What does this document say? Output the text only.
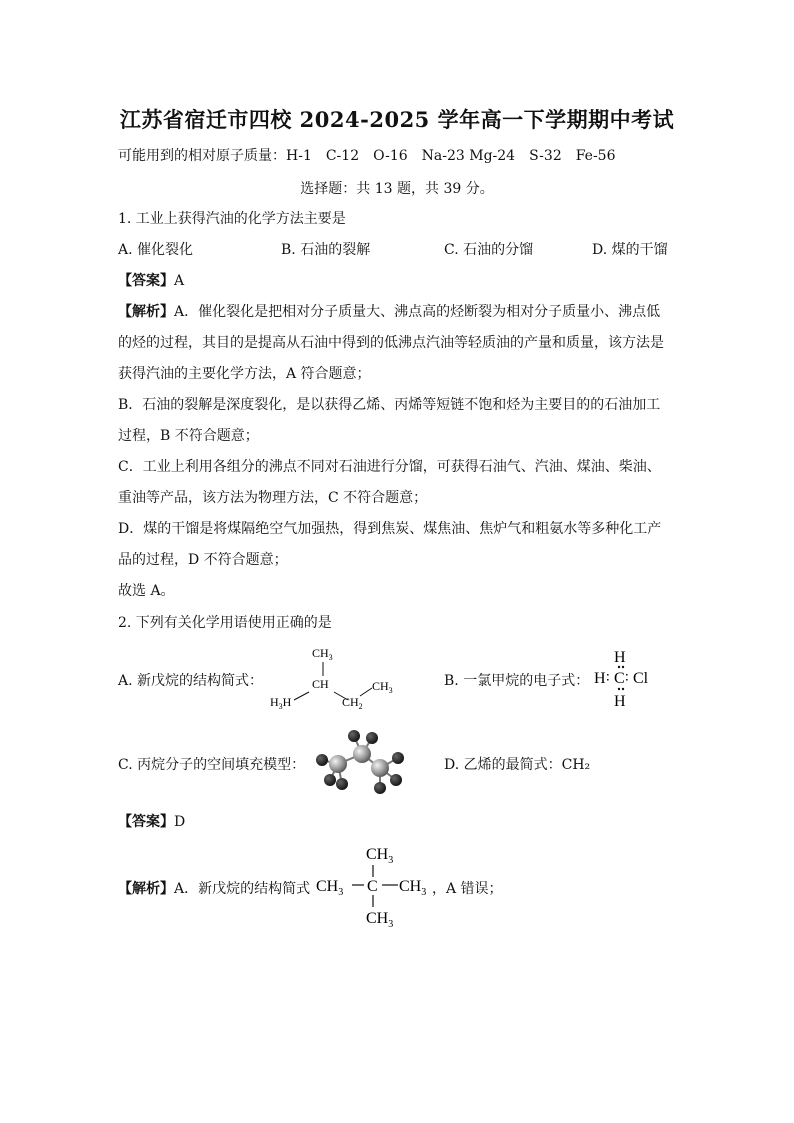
江苏省宿迁市四校 2024-2025 学年高一下学期期中考试
可能用到的相对原子质量：H-1　C-12　O-16　Na-23 Mg-24　S-32　Fe-56
选择题：共 13 题，共 39 分。
1. 工业上获得汽油的化学方法主要是
A. 催化裂化	B. 石油的裂解	C. 石油的分馏	D. 煤的干馏
【答案】A
【解析】A．催化裂化是把相对分子质量大、沸点高的烃断裂为相对分子质量小、沸点低
的烃的过程，其目的是提高从石油中得到的低沸点汽油等轻质油的产量和质量，该方法是
获得汽油的主要化学方法，A 符合题意；
B．石油的裂解是深度裂化，是以获得乙烯、丙烯等短链不饱和烃为主要目的的石油加工
过程，B 不符合题意；
C．工业上利用各组分的沸点不同对石油进行分馏，可获得石油气、汽油、煤油、柴油、
重油等产品，该方法为物理方法，C 不符合题意；
D．煤的干馏是将煤隔绝空气加强热，得到焦炭、煤焦油、焦炉气和粗氨水等多种化工产
品的过程，D 不符合题意；
故选 A。
2. 下列有关化学用语使用正确的是
A. 新戊烷的结构简式：
$CH_3$
CH	$CH_3$
$H_3H$	$CH_2$
B. 一氯甲烷的电子式：
H
H ∶ C ∶ Cl
H
C. 丙烷分子的空间填充模型：	D. 乙烯的最简式：CH₂
【答案】D
【解析】A．新戊烷的结构简式
$CH_3$
$CH_3$ C $CH_3$
$CH_3$
，A 错误；
